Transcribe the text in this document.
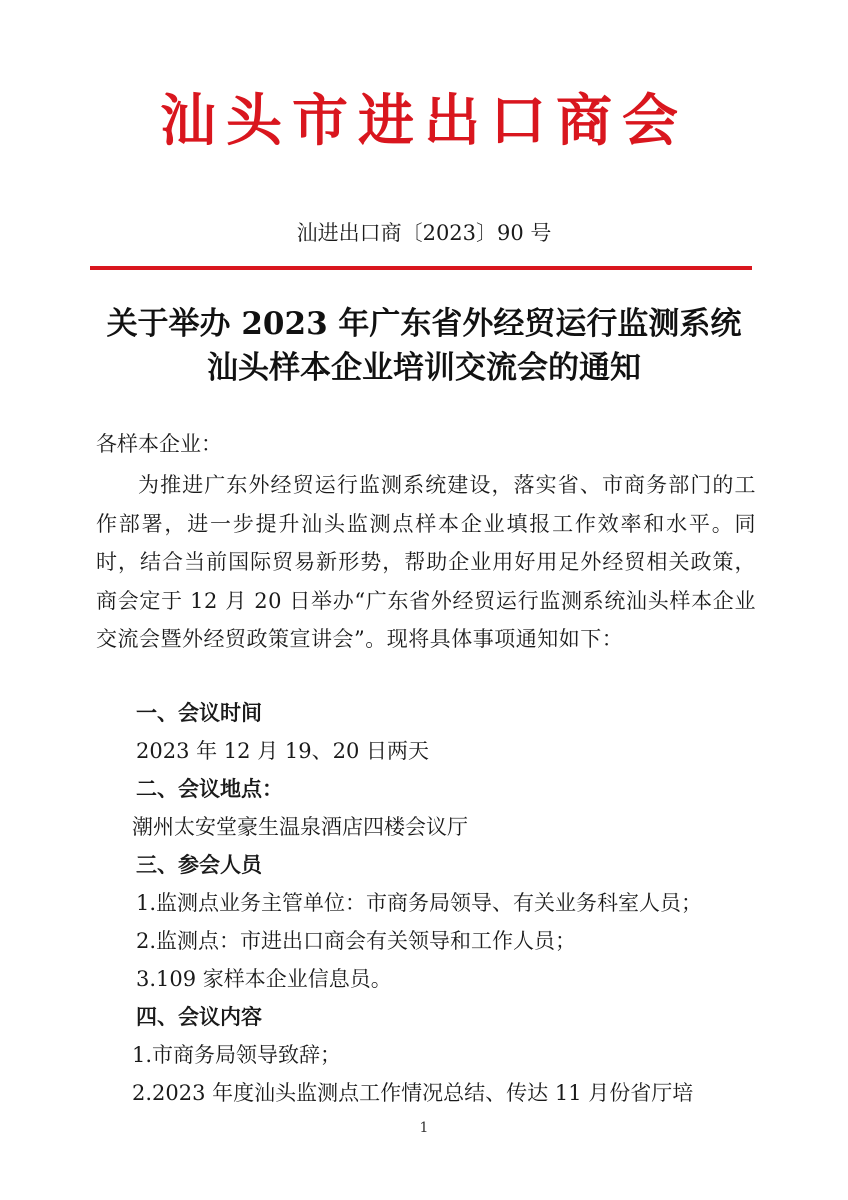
汕头市进出口商会
汕进出口商〔2023〕90 号
关于举办 2023 年广东省外经贸运行监测系统
汕头样本企业培训交流会的通知
各样本企业：
为推进广东外经贸运行监测系统建设，落实省、市商务部门的工作部署，进一步提升汕头监测点样本企业填报工作效率和水平。同时，结合当前国际贸易新形势，帮助企业用好用足外经贸相关政策，商会定于 12 月 20 日举办“广东省外经贸运行监测系统汕头样本企业交流会暨外经贸政策宣讲会”。现将具体事项通知如下：
一、会议时间
2023 年 12 月 19、20 日两天
二、会议地点：
潮州太安堂豪生温泉酒店四楼会议厅
三、参会人员
1.监测点业务主管单位：市商务局领导、有关业务科室人员；
2.监测点：市进出口商会有关领导和工作人员；
3.109 家样本企业信息员。
四、会议内容
1.市商务局领导致辞；
2.2023 年度汕头监测点工作情况总结、传达 11 月份省厅培
1
